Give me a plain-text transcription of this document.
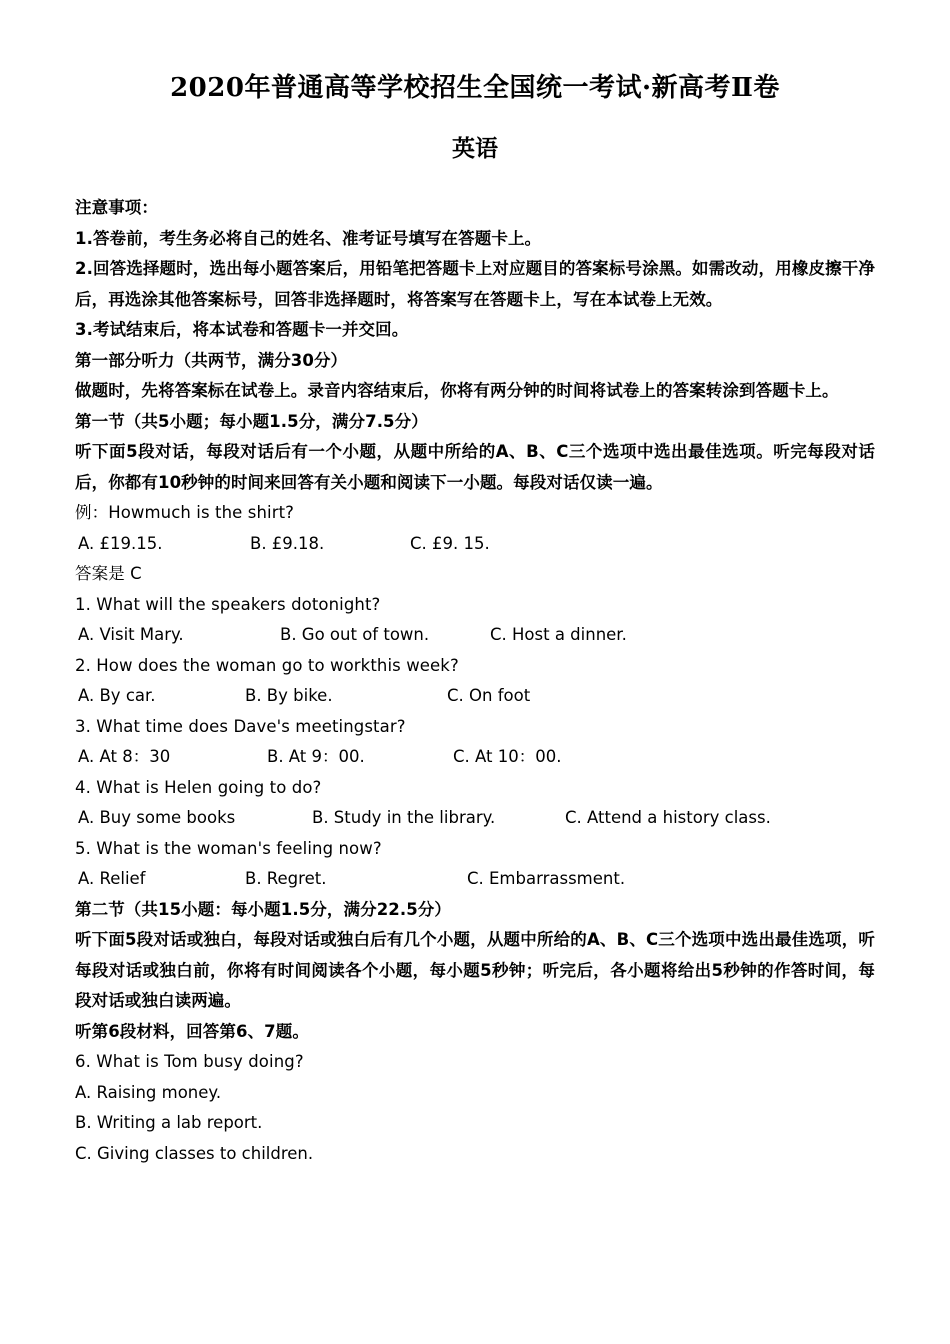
2020年普通高等学校招生全国统一考试·新高考Ⅱ卷
英语
注意事项：
1.答卷前，考生务必将自己的姓名、准考证号填写在答题卡上。
2.回答选择题时，选出每小题答案后，用铅笔把答题卡上对应题目的答案标号涂黑。如需改动，用橡皮擦干净后，再选涂其他答案标号，回答非选择题时，将答案写在答题卡上，写在本试卷上无效。
3.考试结束后，将本试卷和答题卡一并交回。
第一部分听力（共两节，满分30分）
做题时，先将答案标在试卷上。录音内容结束后，你将有两分钟的时间将试卷上的答案转涂到答题卡上。
第一节（共5小题；每小题1.5分，满分7.5分）
听下面5段对话，每段对话后有一个小题，从题中所给的A、B、C三个选项中选出最佳选项。听完每段对话后，你都有10秒钟的时间来回答有关小题和阅读下一小题。每段对话仅读一遍。
例：Howmuch is the shirt?
A. £19.15.	B. £9.18.	C. £9. 15.
答案是 C
1. What will the speakers dotonight?
A. Visit Mary.	B. Go out of town.	C. Host a dinner.
2. How does the woman go to workthis week?
A. By car.	B. By bike.	C. On foot
3. What time does Dave's meetingstar?
A. At 8：30	B. At 9：00.	C. At 10：00.
4. What is Helen going to do?
A. Buy some books	B. Study in the library.	C. Attend a history class.
5. What is the woman's feeling now?
A. Relief	B. Regret.	C. Embarrassment.
第二节（共15小题：每小题1.5分，满分22.5分）
听下面5段对话或独白，每段对话或独白后有几个小题，从题中所给的A、B、C三个选项中选出最佳选项，听每段对话或独白前，你将有时间阅读各个小题，每小题5秒钟；听完后，各小题将给出5秒钟的作答时间，每段对话或独白读两遍。
听第6段材料，回答第6、7题。
6. What is Tom busy doing?
A. Raising money.
B. Writing a lab report.
C. Giving classes to children.
